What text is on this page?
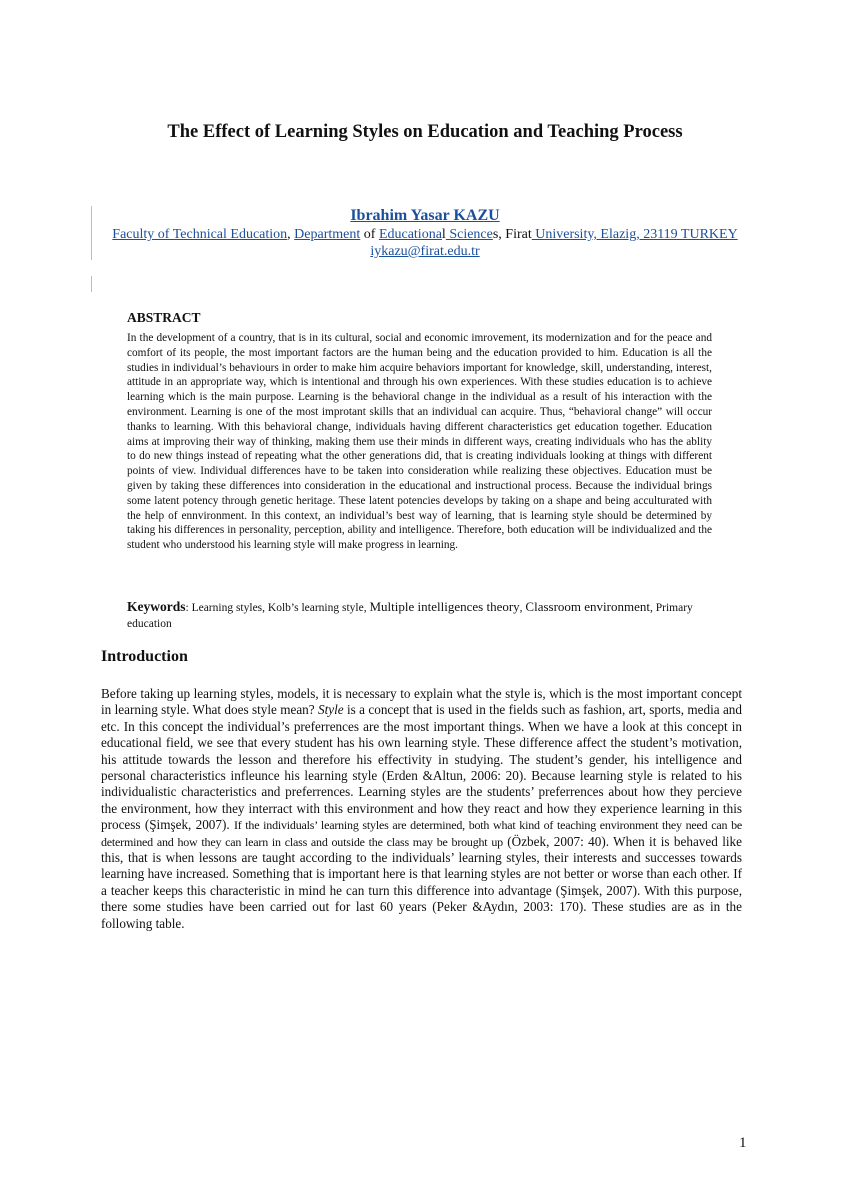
The Effect of Learning Styles on Education and Teaching Process
Ibrahim Yasar KAZU
Faculty of Technical Education, Department of Educational Sciences, Firat University, Elazig, 23119 TURKEY
iykazu@firat.edu.tr
ABSTRACT
In the development of a country, that is in its cultural, social and economic imrovement, its modernization and for the peace and comfort of its people, the most important factors are the human being and the education provided to him. Education is all the studies in individual’s behaviours in order to make him acquire behaviors important for knowledge, skill, understanding, interest, attitude in an appropriate way, which is intentional and through his own experiences. With these studies education is to achieve learning which is the main purpose. Learning is the behavioral change in the individual as a result of his interaction with the environment. Learning is one of the most improtant skills that an individual can acquire. Thus, “behavioral change” will occur thanks to learning. With this behavioral change, individuals having different characteristics get education together. Education aims at improving their way of thinking, making them use their minds in different ways, creating individuals who has the ablity to do new things instead of repeating what the other generations did, that is creating individuals looking at things with different points of view. Individual differences have to be taken into consideration while realizing these objectives. Education must be given by taking these differences into consideration in the educational and instructional process. Because the individual brings some latent potency through genetic heritage. These latent potencies develops by taking on a shape and being acculturated with the help of ennvironment. In this context, an individual’s best way of learning, that is learning style should be determined by taking his differences in personality, perception, ability and intelligence. Therefore, both education will be individualized and the student who understood his learning style will make progress in learning.
Keywords: Learning styles, Kolb’s learning style, Multiple intelligences theory, Classroom environment, Primary education
Introduction
Before taking up learning styles, models, it is necessary to explain what the style is, which is the most important concept in learning style. What does style mean? Style is a concept that is used in the fields such as fashion, art, sports, media and etc. In this concept the individual’s preferrences are the most important things. When we have a look at this concept in educational field, we see that every student has his own learning style. These difference affect the student’s motivation, his attitude towards the lesson and therefore his effectivity in studying. The student’s gender, his intelligence and personal characteristics infleunce his learning style (Erden &Altun, 2006: 20). Because learning style is related to his individualistic characteristics and preferrences. Learning styles are the students’ preferrences about how they percieve the environment, how they interract with this environment and how they react and how they experience learning in this process (Şimşek, 2007). If the individuals’ learning styles are determined, both what kind of teaching environment they need can be determined and how they can learn in class and outside the class may be brought up (Özbek, 2007: 40). When it is behaved like this, that is when lessons are taught according to the individuals’ learning styles, their interests and successes towards learning have increased. Something that is important here is that learning styles are not better or worse than each other. If a teacher keeps this characteristic in mind he can turn this difference into advantage (Şimşek, 2007). With this purpose, there some studies have been carried out for last 60 years (Peker &Aydın, 2003: 170). These studies are as in the following table.
1
